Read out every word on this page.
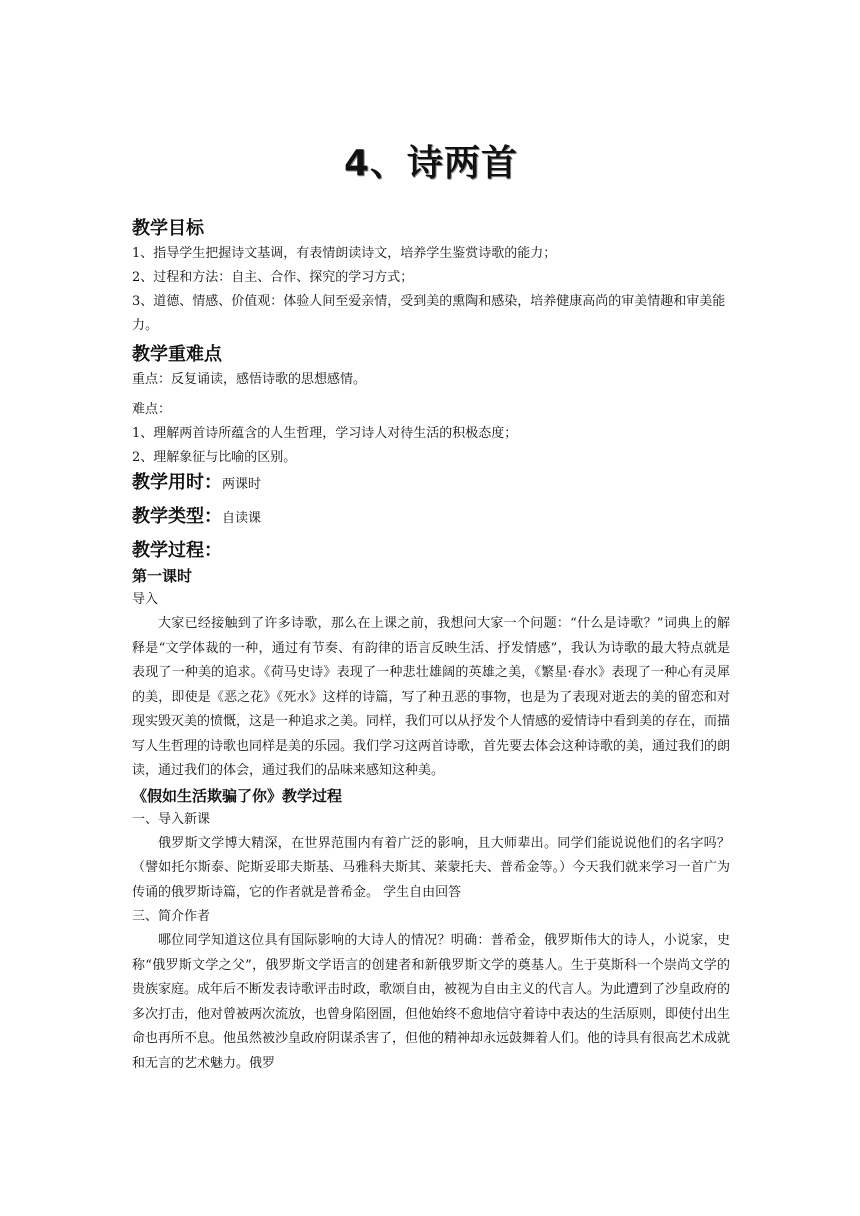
4、诗两首
教学目标

1、指导学生把握诗文基调，有表情朗读诗文，培养学生鉴赏诗歌的能力；

2、过程和方法：自主、合作、探究的学习方式；

3、道德、情感、价值观：体验人间至爱亲情，受到美的熏陶和感染，培养健康高尚的审美情趣和审美能力。

教学重难点

重点：反复诵读，感悟诗歌的思想感情。

难点：

1、理解两首诗所蕴含的人生哲理，学习诗人对待生活的积极态度；

2、理解象征与比喻的区别。

教学用时：两课时
教学类型：自读课
教学过程：
第一课时

导入

大家已经接触到了许多诗歌，那么在上课之前，我想问大家一个问题：“什么是诗歌？”词典上的解释是“文学体裁的一种，通过有节奏、有韵律的语言反映生活、抒发情感”，我认为诗歌的最大特点就是表现了一种美的追求。《荷马史诗》表现了一种悲壮雄阔的英雄之美，《繁星·春水》表现了一种心有灵犀的美，即使是《恶之花》《死水》这样的诗篇，写了种丑恶的事物，也是为了表现对逝去的美的留恋和对现实毁灭美的愤慨，这是一种追求之美。同样，我们可以从抒发个人情感的爱情诗中看到美的存在，而描写人生哲理的诗歌也同样是美的乐园。我们学习这两首诗歌，首先要去体会这种诗歌的美，通过我们的朗读，通过我们的体会，通过我们的品味来感知这种美。

《假如生活欺骗了你》教学过程

一、导入新课

俄罗斯文学博大精深，在世界范围内有着广泛的影响，且大师辈出。同学们能说说他们的名字吗？（譬如托尔斯泰、陀斯妥耶夫斯基、马雅科夫斯其、莱蒙托夫、普希金等。）今天我们就来学习一首广为传诵的俄罗斯诗篇，它的作者就是普希金。 学生自由回答

三、简介作者

哪位同学知道这位具有国际影响的大诗人的情况？明确：普希金，俄罗斯伟大的诗人，小说家，史称“俄罗斯文学之父”，俄罗斯文学语言的创建者和新俄罗斯文学的奠基人。生于莫斯科一个崇尚文学的贵族家庭。成年后不断发表诗歌评击时政，歌颂自由，被视为自由主义的代言人。为此遭到了沙皇政府的多次打击，他对曾被两次流放，也曾身陷囹圄，但他始终不愈地信守着诗中表达的生活原则，即使付出生命也再所不息。他虽然被沙皇政府阴谋杀害了，但他的精神却永远鼓舞着人们。他的诗具有很高艺术成就和无言的艺术魅力。俄罗
